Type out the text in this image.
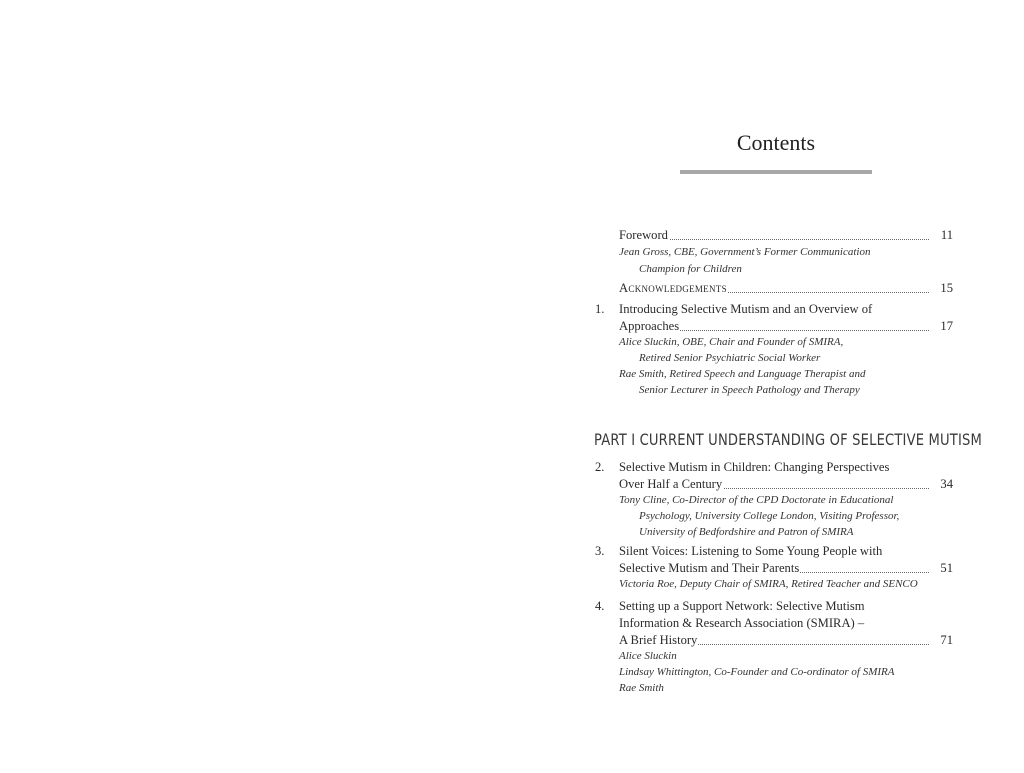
Contents
Foreword	11
Jean Gross, CBE, Government’s Former Communication
Champion for Children
Acknowledgements	15
1. Introducing Selective Mutism and an Overview of
Approaches	17
Alice Sluckin, OBE, Chair and Founder of SMIRA,
Retired Senior Psychiatric Social Worker
Rae Smith, Retired Speech and Language Therapist and
Senior Lecturer in Speech Pathology and Therapy
PART I CURRENT UNDERSTANDING OF SELECTIVE MUTISM
2. Selective Mutism in Children: Changing Perspectives
Over Half a Century	34
Tony Cline, Co-Director of the CPD Doctorate in Educational
Psychology, University College London, Visiting Professor,
University of Bedfordshire and Patron of SMIRA
3. Silent Voices: Listening to Some Young People with
Selective Mutism and Their Parents	51
Victoria Roe, Deputy Chair of SMIRA, Retired Teacher and SENCO
4. Setting up a Support Network: Selective Mutism
Information & Research Association (SMIRA) –
A Brief History	71
Alice Sluckin
Lindsay Whittington, Co-Founder and Co-ordinator of SMIRA
Rae Smith
